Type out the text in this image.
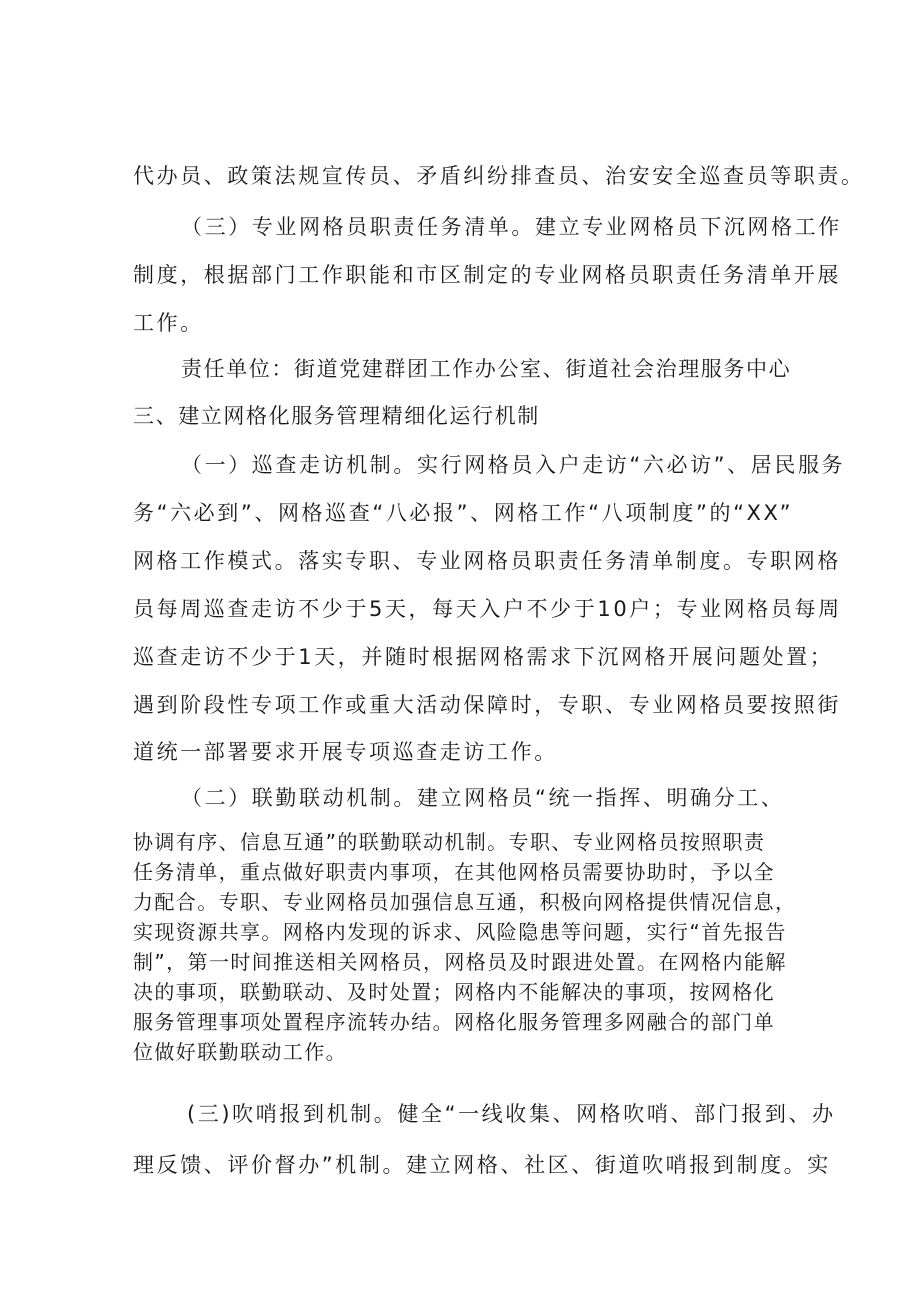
代办员、政策法规宣传员、矛盾纠纷排查员、治安安全巡查员等职责。
（三）专业网格员职责任务清单。建立专业网格员下沉网格工作
制度，根据部门工作职能和市区制定的专业网格员职责任务清单开展
工作。
责任单位：街道党建群团工作办公室、街道社会治理服务中心
三、建立网格化服务管理精细化运行机制
（一）巡查走访机制。实行网格员入户走访“六必访”、居民服务
务“六必到”、网格巡查“八必报”、网格工作“八项制度”的“XX”
网格工作模式。落实专职、专业网格员职责任务清单制度。专职网格
员每周巡查走访不少于5天，每天入户不少于10户；专业网格员每周
巡查走访不少于1天，并随时根据网格需求下沉网格开展问题处置；
遇到阶段性专项工作或重大活动保障时，专职、专业网格员要按照街
道统一部署要求开展专项巡查走访工作。
（二）联勤联动机制。建立网格员“统一指挥、明确分工、
协调有序、信息互通”的联勤联动机制。专职、专业网格员按照职责
任务清单，重点做好职责内事项，在其他网格员需要协助时，予以全
力配合。专职、专业网格员加强信息互通，积极向网格提供情况信息，
实现资源共享。网格内发现的诉求、风险隐患等问题，实行“首先报告
制”，第一时间推送相关网格员，网格员及时跟进处置。在网格内能解
决的事项，联勤联动、及时处置；网格内不能解决的事项，按网格化
服务管理事项处置程序流转办结。网格化服务管理多网融合的部门单
位做好联勤联动工作。
(三)吹哨报到机制。健全“一线收集、网格吹哨、部门报到、办
理反馈、评价督办”机制。建立网格、社区、街道吹哨报到制度。实
